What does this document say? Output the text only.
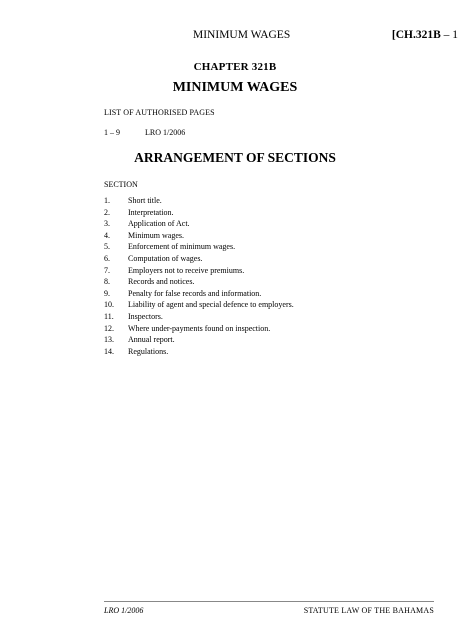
MINIMUM WAGES	[CH.321B – 1
CHAPTER 321B
MINIMUM WAGES
LIST OF AUTHORISED PAGES
1 – 9	LRO 1/2006
ARRANGEMENT OF SECTIONS
SECTION
1. Short title.
2. Interpretation.
3. Application of Act.
4. Minimum wages.
5. Enforcement of minimum wages.
6. Computation of wages.
7. Employers not to receive premiums.
8. Records and notices.
9. Penalty for false records and information.
10. Liability of agent and special defence to employers.
11. Inspectors.
12. Where under-payments found on inspection.
13. Annual report.
14. Regulations.
LRO 1/2006	STATUTE LAW OF THE BAHAMAS
